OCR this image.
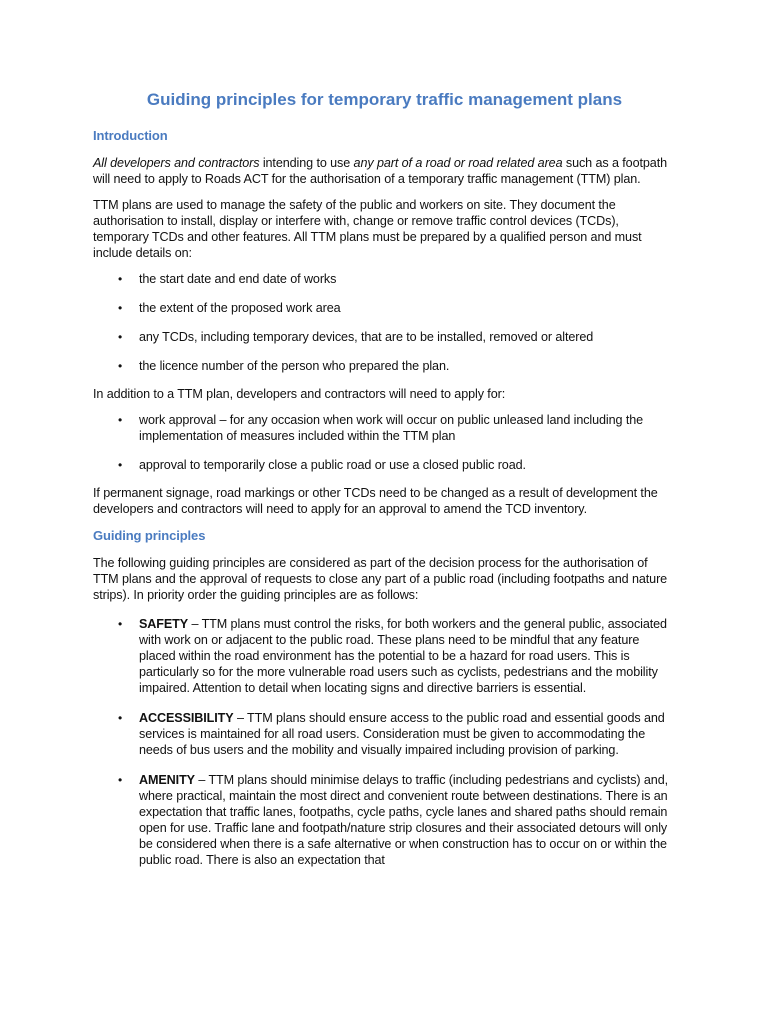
Guiding principles for temporary traffic management plans
Introduction

All developers and contractors intending to use any part of a road or road related area such as a footpath will need to apply to Roads ACT for the authorisation of a temporary traffic management (TTM) plan.

TTM plans are used to manage the safety of the public and workers on site. They document the authorisation to install, display or interfere with, change or remove traffic control devices (TCDs), temporary TCDs and other features. All TTM plans must be prepared by a qualified person and must include details on:

• the start date and end date of works
• the extent of the proposed work area
• any TCDs, including temporary devices, that are to be installed, removed or altered
• the licence number of the person who prepared the plan.

In addition to a TTM plan, developers and contractors will need to apply for:

• work approval – for any occasion when work will occur on public unleased land including the implementation of measures included within the TTM plan
• approval to temporarily close a public road or use a closed public road.

If permanent signage, road markings or other TCDs need to be changed as a result of development the developers and contractors will need to apply for an approval to amend the TCD inventory.

Guiding principles

The following guiding principles are considered as part of the decision process for the authorisation of TTM plans and the approval of requests to close any part of a public road (including footpaths and nature strips). In priority order the guiding principles are as follows:

• SAFETY – TTM plans must control the risks, for both workers and the general public, associated with work on or adjacent to the public road. These plans need to be mindful that any feature placed within the road environment has the potential to be a hazard for road users. This is particularly so for the more vulnerable road users such as cyclists, pedestrians and the mobility impaired. Attention to detail when locating signs and directive barriers is essential.
• ACCESSIBILITY – TTM plans should ensure access to the public road and essential goods and services is maintained for all road users. Consideration must be given to accommodating the needs of bus users and the mobility and visually impaired including provision of parking.
• AMENITY – TTM plans should minimise delays to traffic (including pedestrians and cyclists) and, where practical, maintain the most direct and convenient route between destinations. There is an expectation that traffic lanes, footpaths, cycle paths, cycle lanes and shared paths should remain open for use. Traffic lane and footpath/nature strip closures and their associated detours will only be considered when there is a safe alternative or when construction has to occur on or within the public road. There is also an expectation that
